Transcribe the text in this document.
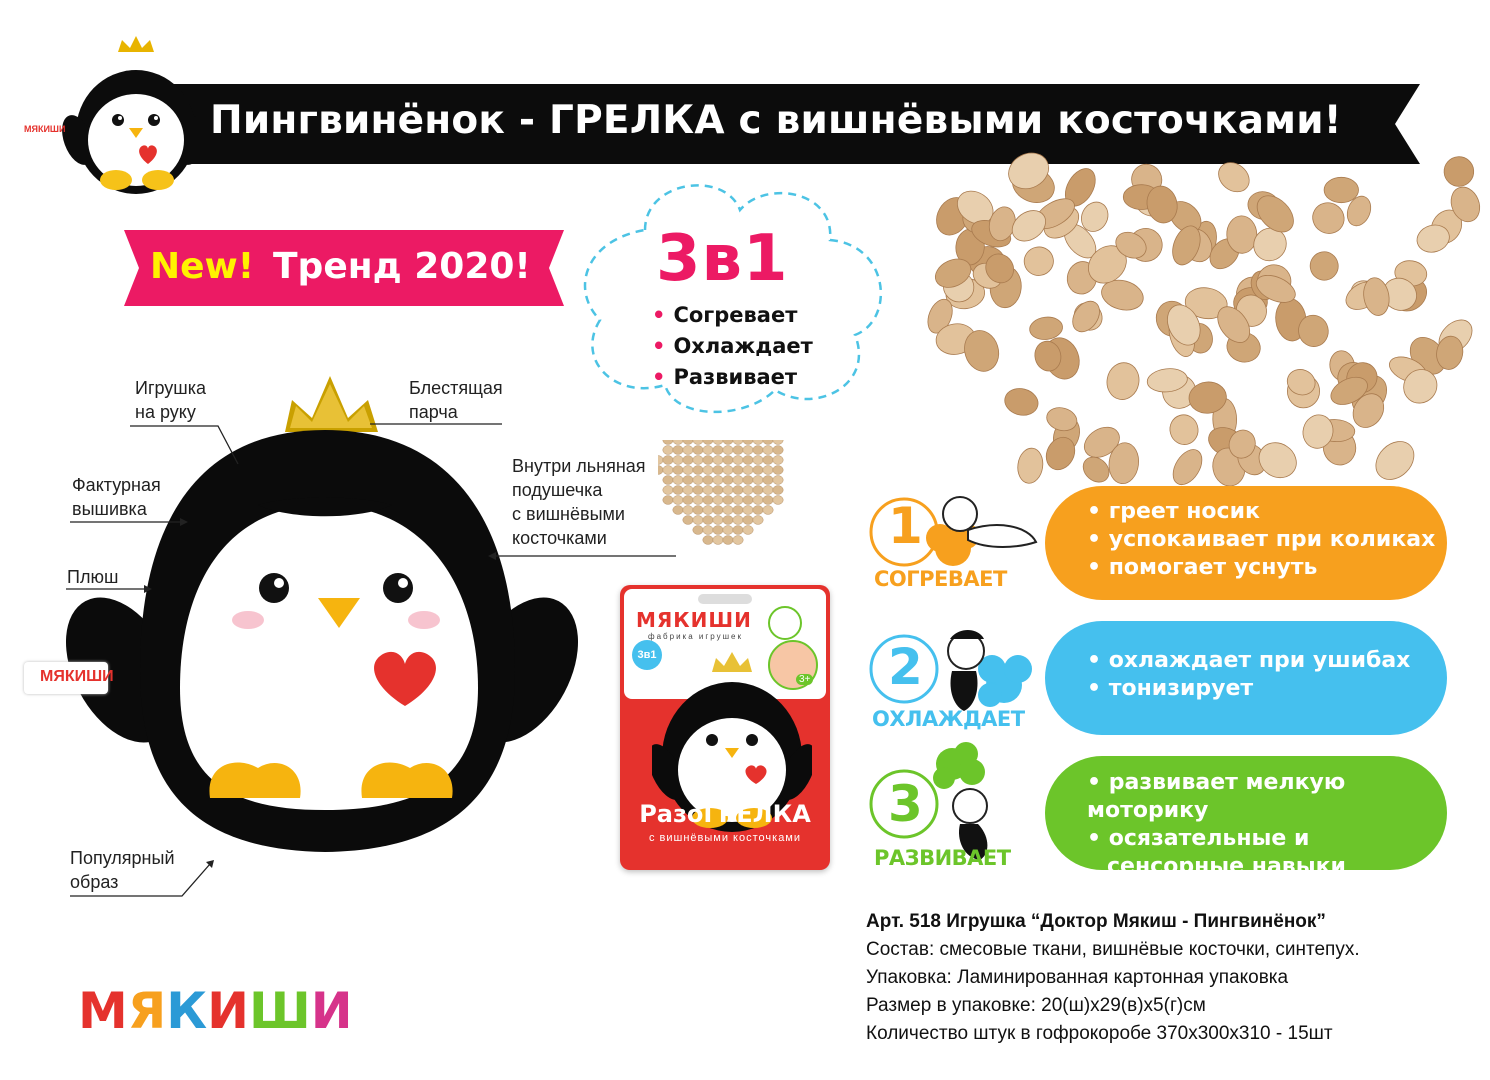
Пингвинёнок - ГРЕЛКА с вишнёвыми косточками!
МЯКИШИ
New! Тренд 2020! 3в1
• Согревает
• Охлаждает
• Развивает
МЯКИШИ
Игрушка
на руку
Блестящая
парча
Фактурная
вышивка
Плюш
Внутри льняная
подушечка
с вишнёвыми
косточками
Популярный
образ
МЯКИШИ
фабрика игрушек
3в1
3+
РазоГРЕЛКА
с вишнёвыми косточками
1
СОГРЕВАЕТ
• греет носик
• успокаивает при коликах
• помогает уснуть
2
ОХЛАЖДАЕТ
• охлаждает при ушибах
• тонизирует
3
РАЗВИВАЕТ
• развивает мелкую моторику
• осязательные и сенсорные навыки
Арт. 518 Игрушка “Доктор Мякиш - Пингвинёнок”
Состав: смесовые ткани, вишнёвые косточки, синтепух.
Упаковка: Ламинированная картонная упаковка
Размер в упаковке: 20(ш)х29(в)х5(г)см
Количество штук в гофрокоробе 370х300х310 - 15шт
МЯКИШИ
